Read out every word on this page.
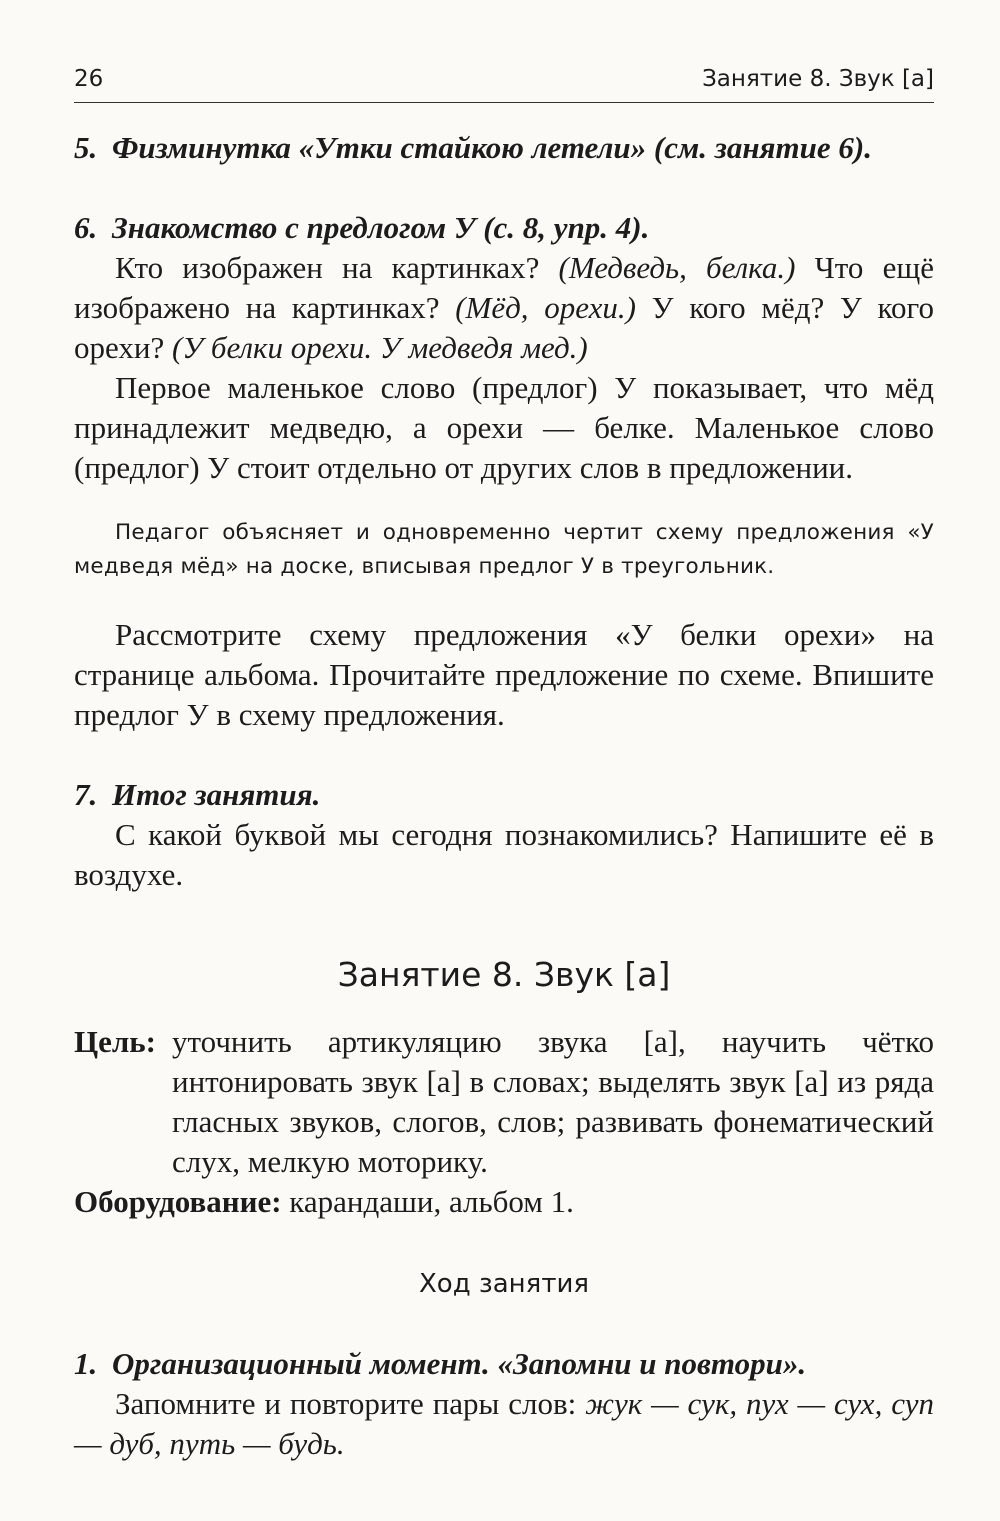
26	Занятие 8. Звук [а]

5. Физминутка «Утки стайкою летели» (см. занятие 6).

6. Знакомство с предлогом У (с. 8, упр. 4).

Кто изображен на картинках? (Медведь, белка.) Что ещё изображено на картинках? (Мёд, орехи.) У кого мёд? У кого орехи? (У белки орехи. У медведя мед.)

Первое маленькое слово (предлог) У показывает, что мёд принадлежит медведю, а орехи — белке. Маленькое слово (предлог) У стоит отдельно от других слов в предложении.

Педагог объясняет и одновременно чертит схему предложения «У медведя мёд» на доске, вписывая предлог У в треугольник.

Рассмотрите схему предложения «У белки орехи» на странице альбома. Прочитайте предложение по схеме. Впишите предлог У в схему предложения.

7. Итог занятия.

С какой буквой мы сегодня познакомились? Напишите её в воздухе.

Занятие 8. Звук [а]

Цель: уточнить артикуляцию звука [а], научить чётко интонировать звук [а] в словах; выделять звук [а] из ряда гласных звуков, слогов, слов; развивать фонематический слух, мелкую моторику.

Оборудование: карандаши, альбом 1.

Ход занятия

1. Организационный момент. «Запомни и повтори».

Запомните и повторите пары слов: жук — сук, пух — сух, суп — дуб, путь — будь.
